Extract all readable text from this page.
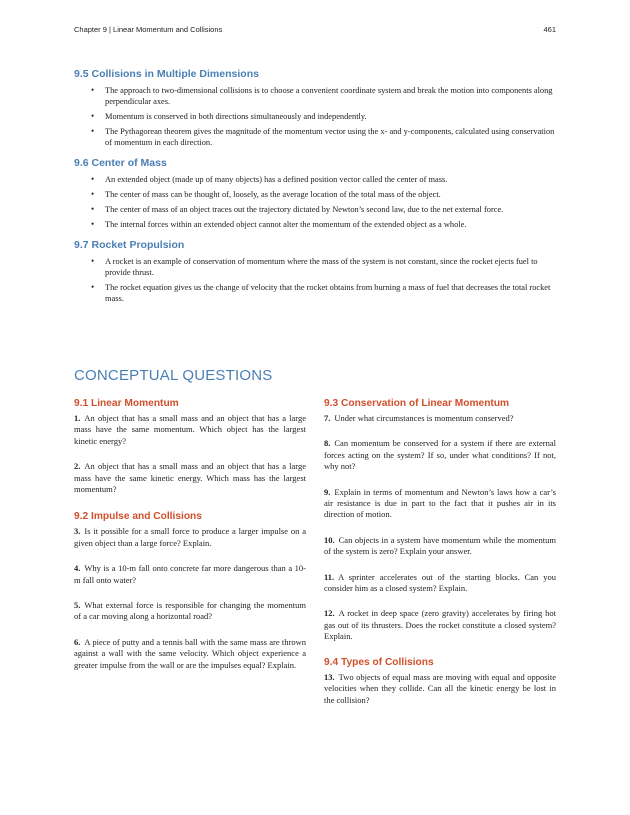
Chapter 9 | Linear Momentum and Collisions	461
9.5 Collisions in Multiple Dimensions
• The approach to two-dimensional collisions is to choose a convenient coordinate system and break the motion into components along perpendicular axes.
• Momentum is conserved in both directions simultaneously and independently.
• The Pythagorean theorem gives the magnitude of the momentum vector using the x- and y-components, calculated using conservation of momentum in each direction.
9.6 Center of Mass
• An extended object (made up of many objects) has a defined position vector called the center of mass.
• The center of mass can be thought of, loosely, as the average location of the total mass of the object.
• The center of mass of an object traces out the trajectory dictated by Newton’s second law, due to the net external force.
• The internal forces within an extended object cannot alter the momentum of the extended object as a whole.
9.7 Rocket Propulsion
• A rocket is an example of conservation of momentum where the mass of the system is not constant, since the rocket ejects fuel to provide thrust.
• The rocket equation gives us the change of velocity that the rocket obtains from burning a mass of fuel that decreases the total rocket mass.
CONCEPTUAL QUESTIONS
9.1 Linear Momentum

1. An object that has a small mass and an object that has a large mass have the same momentum. Which object has the largest kinetic energy?

2. An object that has a small mass and an object that has a large mass have the same kinetic energy. Which mass has the largest momentum?

9.2 Impulse and Collisions

3. Is it possible for a small force to produce a larger impulse on a given object than a large force? Explain.

4. Why is a 10-m fall onto concrete far more dangerous than a 10-m fall onto water?

5. What external force is responsible for changing the momentum of a car moving along a horizontal road?

6. A piece of putty and a tennis ball with the same mass are thrown against a wall with the same velocity. Which object experience a greater impulse from the wall or are the impulses equal? Explain.

9.3 Conservation of Linear Momentum

7. Under what circumstances is momentum conserved?

8. Can momentum be conserved for a system if there are external forces acting on the system? If so, under what conditions? If not, why not?

9. Explain in terms of momentum and Newton’s laws how a car’s air resistance is due in part to the fact that it pushes air in its direction of motion.

10. Can objects in a system have momentum while the momentum of the system is zero? Explain your answer.

11. A sprinter accelerates out of the starting blocks. Can you consider him as a closed system? Explain.

12. A rocket in deep space (zero gravity) accelerates by firing hot gas out of its thrusters. Does the rocket constitute a closed system? Explain.

9.4 Types of Collisions

13. Two objects of equal mass are moving with equal and opposite velocities when they collide. Can all the kinetic energy be lost in the collision?
